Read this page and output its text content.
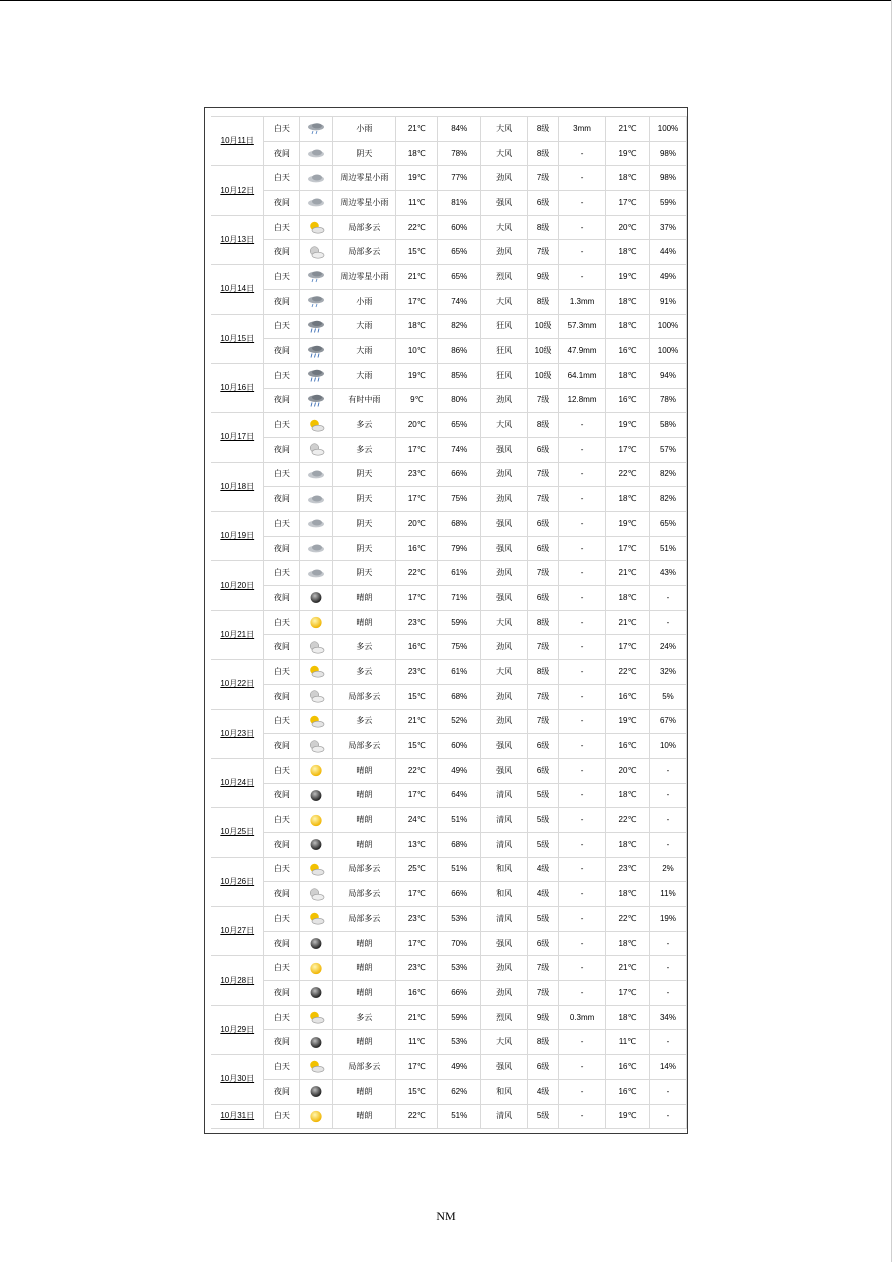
10月11日	白天		小雨	21℃	84%	大风	8级	3mm	21℃	100%
	夜间		阴天	18℃	78%	大风	8级	-	19℃	98%
10月12日	白天		周边零星小雨	19℃	77%	劲风	7级	-	18℃	98%
	夜间		周边零星小雨	11℃	81%	强风	6级	-	17℃	59%
10月13日	白天		局部多云	22℃	60%	大风	8级	-	20℃	37%
	夜间		局部多云	15℃	65%	劲风	7级	-	18℃	44%
10月14日	白天		周边零星小雨	21℃	65%	烈风	9级	-	19℃	49%
	夜间		小雨	17℃	74%	大风	8级	1.3mm	18℃	91%
10月15日	白天		大雨	18℃	82%	狂风	10级	57.3mm	18℃	100%
	夜间		大雨	10℃	86%	狂风	10级	47.9mm	16℃	100%
10月16日	白天		大雨	19℃	85%	狂风	10级	64.1mm	18℃	94%
	夜间		有时中雨	9℃	80%	劲风	7级	12.8mm	16℃	78%
10月17日	白天		多云	20℃	65%	大风	8级	-	19℃	58%
	夜间		多云	17℃	74%	强风	6级	-	17℃	57%
10月18日	白天		阴天	23℃	66%	劲风	7级	-	22℃	82%
	夜间		阴天	17℃	75%	劲风	7级	-	18℃	82%
10月19日	白天		阴天	20℃	68%	强风	6级	-	19℃	65%
	夜间		阴天	16℃	79%	强风	6级	-	17℃	51%
10月20日	白天		阴天	22℃	61%	劲风	7级	-	21℃	43%
	夜间		晴朗	17℃	71%	强风	6级	-	18℃	-
10月21日	白天		晴朗	23℃	59%	大风	8级	-	21℃	-
	夜间		多云	16℃	75%	劲风	7级	-	17℃	24%
10月22日	白天		多云	23℃	61%	大风	8级	-	22℃	32%
	夜间		局部多云	15℃	68%	劲风	7级	-	16℃	5%
10月23日	白天		多云	21℃	52%	劲风	7级	-	19℃	67%
	夜间		局部多云	15℃	60%	强风	6级	-	16℃	10%
10月24日	白天		晴朗	22℃	49%	强风	6级	-	20℃	-
	夜间		晴朗	17℃	64%	清风	5级	-	18℃	-
10月25日	白天		晴朗	24℃	51%	清风	5级	-	22℃	-
	夜间		晴朗	13℃	68%	清风	5级	-	18℃	-
10月26日	白天		局部多云	25℃	51%	和风	4级	-	23℃	2%
	夜间		局部多云	17℃	66%	和风	4级	-	18℃	11%
10月27日	白天		局部多云	23℃	53%	清风	5级	-	22℃	19%
	夜间		晴朗	17℃	70%	强风	6级	-	18℃	-
10月28日	白天		晴朗	23℃	53%	劲风	7级	-	21℃	-
	夜间		晴朗	16℃	66%	劲风	7级	-	17℃	-
10月29日	白天		多云	21℃	59%	烈风	9级	0.3mm	18℃	34%
	夜间		晴朗	11℃	53%	大风	8级	-	11℃	-
10月30日	白天		局部多云	17℃	49%	强风	6级	-	16℃	14%
	夜间		晴朗	15℃	62%	和风	4级	-	16℃	-
10月31日	白天		晴朗	22℃	51%	清风	5级	-	19℃	-
NM
